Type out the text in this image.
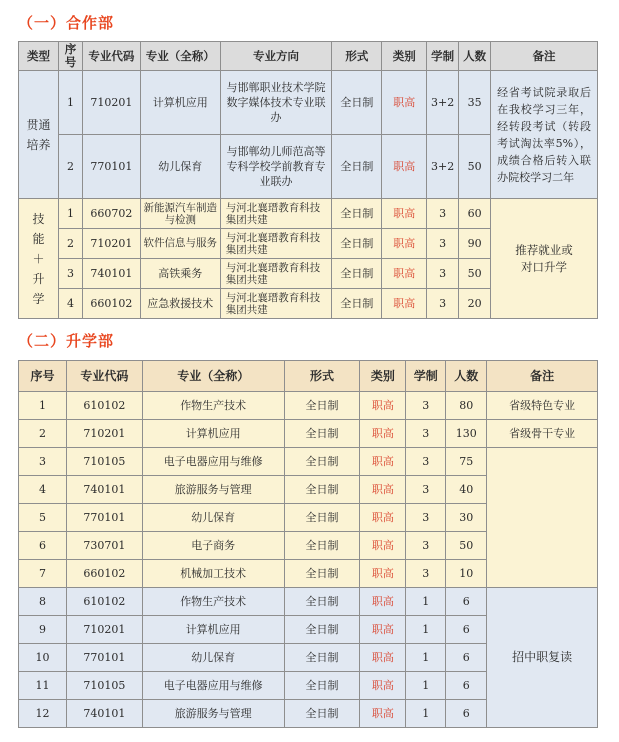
（一）合作部
类型	序号	专业代码	专业（全称）	专业方向	形式	类别	学制	人数	备注
贯通培养	1	710201	计算机应用	与邯郸职业技术学院数字媒体技术专业联办	全日制	职高	3+2	35	经省考试院录取后在我校学习三年，经转段考试（转段考试淘汰率5%），成绩合格后转入联办院校学习二年
	2	770101	幼儿保育	与邯郸幼儿师范高等专科学校学前教育专业联办	全日制	职高	3+2	50	
技能＋升学	1	660702	新能源汽车制造与检测	与河北襄瑨教育科技集团共建	全日制	职高	3	60	推荐就业或对口升学
	2	710201	软件信息与服务	与河北襄瑨教育科技集团共建	全日制	职高	3	90	
	3	740101	高铁乘务	与河北襄瑨教育科技集团共建	全日制	职高	3	50	
	4	660102	应急救援技术	与河北襄瑨教育科技集团共建	全日制	职高	3	20	
（二）升学部
序号	专业代码	专业（全称）	形式	类别	学制	人数	备注
1	610102	作物生产技术	全日制	职高	3	80	省级特色专业
2	710201	计算机应用	全日制	职高	3	130	省级骨干专业
3	710105	电子电器应用与维修	全日制	职高	3	75	
4	740101	旅游服务与管理	全日制	职高	3	40	
5	770101	幼儿保育	全日制	职高	3	30	
6	730701	电子商务	全日制	职高	3	50	
7	660102	机械加工技术	全日制	职高	3	10	
8	610102	作物生产技术	全日制	职高	1	6	招中职复读
9	710201	计算机应用	全日制	职高	1	6	
10	770101	幼儿保育	全日制	职高	1	6	
11	710105	电子电器应用与维修	全日制	职高	1	6	
12	740101	旅游服务与管理	全日制	职高	1	6	
